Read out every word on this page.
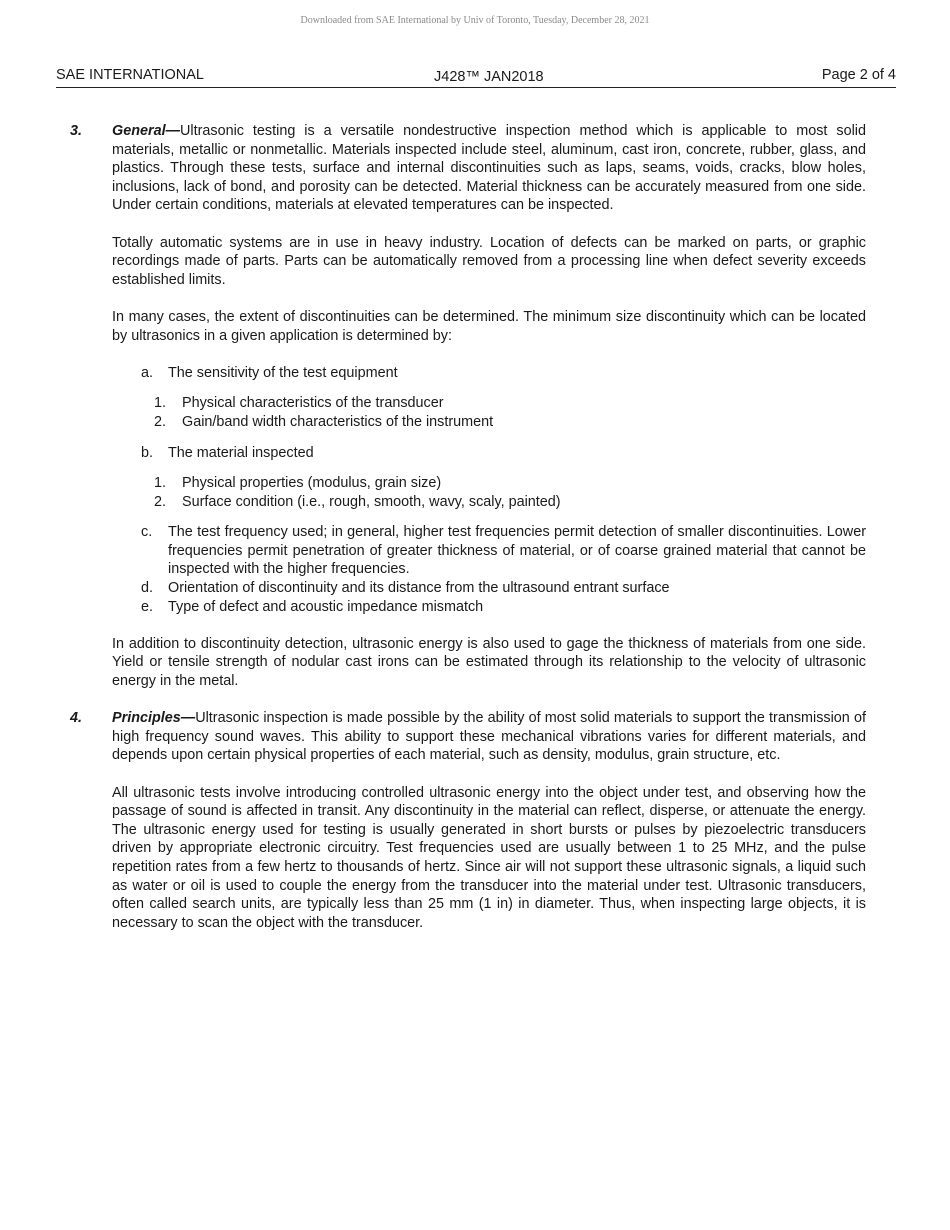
Downloaded from SAE International by Univ of Toronto, Tuesday, December 28, 2021
SAE INTERNATIONAL	J428™ JAN2018	Page 2 of 4
3. General—Ultrasonic testing is a versatile nondestructive inspection method which is applicable to most solid materials, metallic or nonmetallic. Materials inspected include steel, aluminum, cast iron, concrete, rubber, glass, and plastics. Through these tests, surface and internal discontinuities such as laps, seams, voids, cracks, blow holes, inclusions, lack of bond, and porosity can be detected. Material thickness can be accurately measured from one side. Under certain conditions, materials at elevated temperatures can be inspected.

Totally automatic systems are in use in heavy industry. Location of defects can be marked on parts, or graphic recordings made of parts. Parts can be automatically removed from a processing line when defect severity exceeds established limits.

In many cases, the extent of discontinuities can be determined. The minimum size discontinuity which can be located by ultrasonics in a given application is determined by:

a. The sensitivity of the test equipment

1. Physical characteristics of the transducer

2. Gain/band width characteristics of the instrument

b. The material inspected

1. Physical properties (modulus, grain size)

2. Surface condition (i.e., rough, smooth, wavy, scaly, painted)

c. The test frequency used; in general, higher test frequencies permit detection of smaller discontinuities. Lower frequencies permit penetration of greater thickness of material, or of coarse grained material that cannot be inspected with the higher frequencies.

d. Orientation of discontinuity and its distance from the ultrasound entrant surface

e. Type of defect and acoustic impedance mismatch

In addition to discontinuity detection, ultrasonic energy is also used to gage the thickness of materials from one side. Yield or tensile strength of nodular cast irons can be estimated through its relationship to the velocity of ultrasonic energy in the metal.

4. Principles—Ultrasonic inspection is made possible by the ability of most solid materials to support the transmission of high frequency sound waves. This ability to support these mechanical vibrations varies for different materials, and depends upon certain physical properties of each material, such as density, modulus, grain structure, etc.

All ultrasonic tests involve introducing controlled ultrasonic energy into the object under test, and observing how the passage of sound is affected in transit. Any discontinuity in the material can reflect, disperse, or attenuate the energy. The ultrasonic energy used for testing is usually generated in short bursts or pulses by piezoelectric transducers driven by appropriate electronic circuitry. Test frequencies used are usually between 1 to 25 MHz, and the pulse repetition rates from a few hertz to thousands of hertz. Since air will not support these ultrasonic signals, a liquid such as water or oil is used to couple the energy from the transducer into the material under test. Ultrasonic transducers, often called search units, are typically less than 25 mm (1 in) in diameter. Thus, when inspecting large objects, it is necessary to scan the object with the transducer.
